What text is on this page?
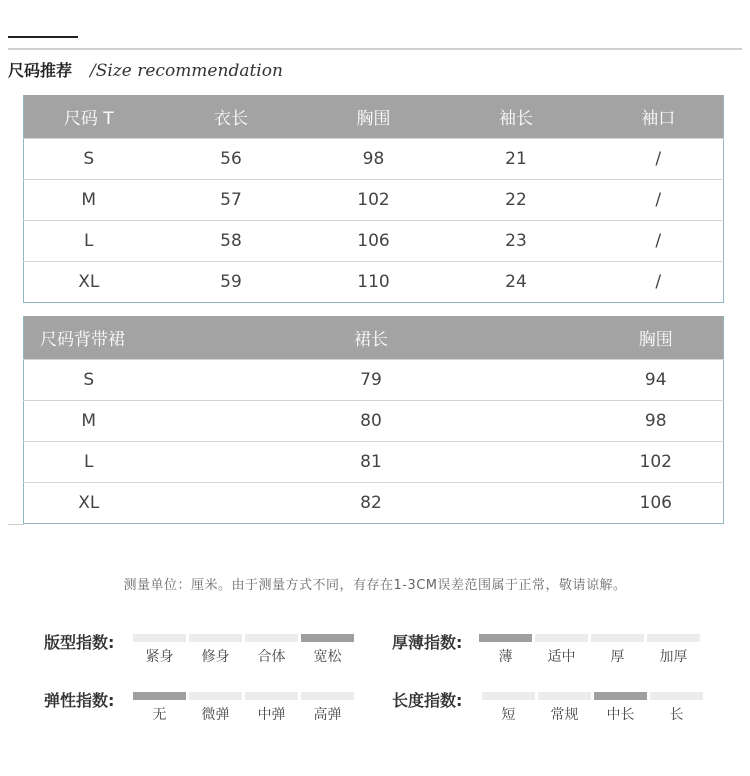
尺码推荐 /Size recommendation
尺码 T	衣长	胸围	袖长	袖口
S	56	98	21	/
M	57	102	22	/
L	58	106	23	/
XL	59	110	24	/
尺码背带裙	裙长	胸围
S	79	94
M	80	98
L	81	102
XL	82	106
测量单位：厘米。由于测量方式不同，有存在1-3CM误差范围属于正常，敬请谅解。
版型指数:
紧身	修身	合体	宽松
厚薄指数:
薄	适中	厚	加厚
弹性指数:
无	微弹	中弹	高弹
长度指数:
短	常规	中长	长
